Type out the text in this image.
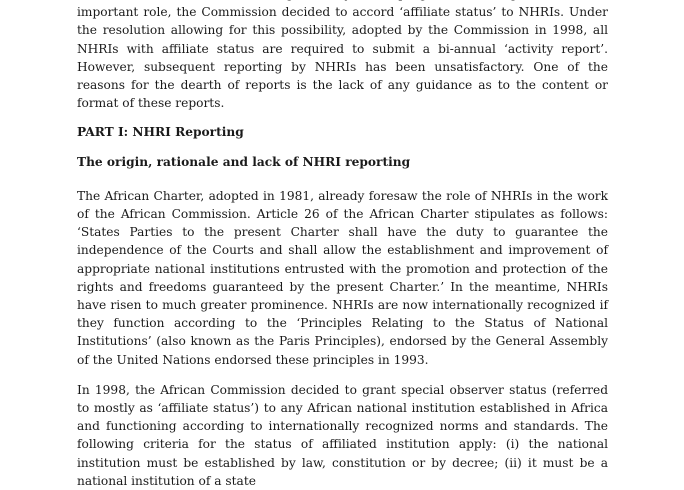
important role, the Commission decided to accord ‘affiliate status’ to NHRIs. Under the resolution allowing for this possibility, adopted by the Commission in 1998, all NHRIs with affiliate status are required to submit a bi-annual ‘activity report’. However, subsequent reporting by NHRIs has been unsatisfactory. One of the reasons for the dearth of reports is the lack of any guidance as to the content or format of these reports.

PART I: NHRI Reporting

The origin, rationale and lack of NHRI reporting

The African Charter, adopted in 1981, already foresaw the role of NHRIs in the work of the African Commission. Article 26 of the African Charter stipulates as follows: ‘States Parties to the present Charter shall have the duty to guarantee the independence of the Courts and shall allow the establishment and improvement of appropriate national institutions entrusted with the promotion and protection of the rights and freedoms guaranteed by the present Charter.’ In the meantime, NHRIs have risen to much greater prominence. NHRIs are now internationally recognized if they function according to the ‘Principles Relating to the Status of National Institutions’ (also known as the Paris Principles), endorsed by the General Assembly of the United Nations endorsed these principles in 1993.

In 1998, the African Commission decided to grant special observer status (referred to mostly as ‘affiliate status’) to any African national institution established in Africa and functioning according to internationally recognized norms and standards. The following criteria for the status of affiliated institution apply: (i) the national institution must be established by law, constitution or by decree; (ii) it must be a national institution of a state
